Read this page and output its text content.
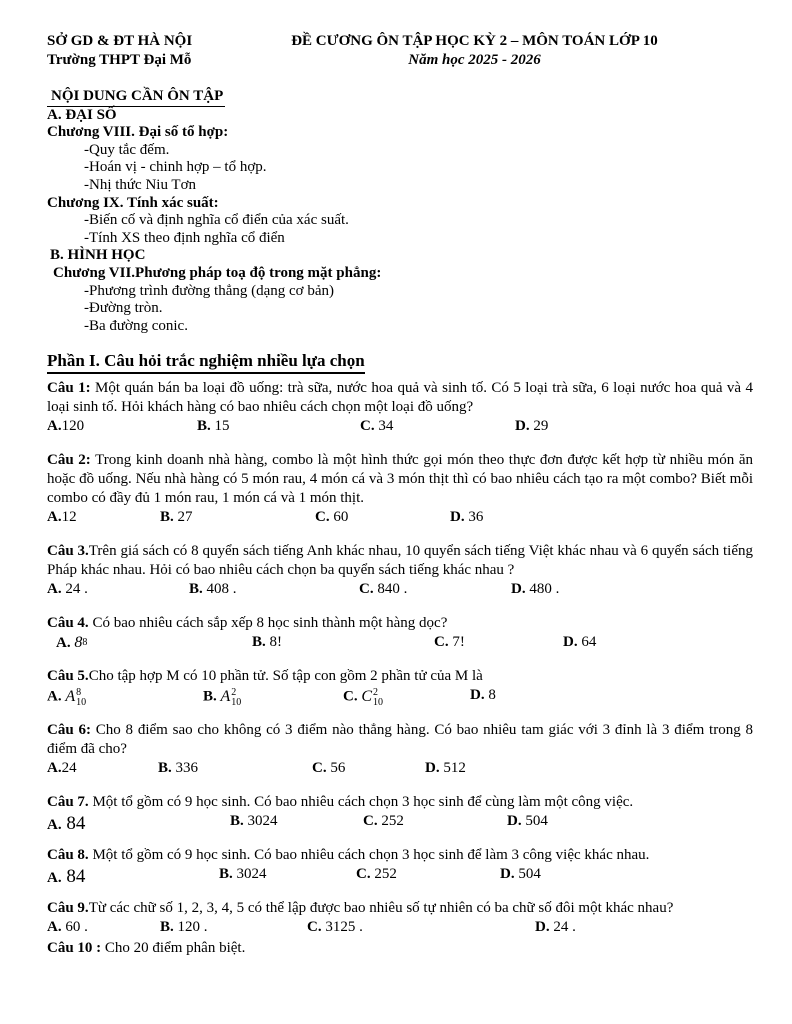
SỞ GD & ĐT HÀ NỘI
Trường THPT Đại Mỗ
ĐỀ CƯƠNG ÔN TẬP HỌC KỲ 2 – MÔN TOÁN LỚP 10
Năm học 2025 - 2026
NỘI DUNG CẦN ÔN TẬP
A. ĐẠI SỐ
Chương VIII. Đại số tổ hợp:
-Quy tắc đếm.
-Hoán vị - chinh hợp – tổ hợp.
-Nhị thức Niu Tơn
Chương IX. Tính xác suất:
-Biến cố và định nghĩa cổ điển của xác suất.
-Tính XS theo định nghĩa cổ điển
B. HÌNH HỌC
Chương VII.Phương pháp toạ độ trong mặt phẳng:
-Phương trình đường thẳng (dạng cơ bản)
-Đường tròn.
-Ba đường conic.
Phần I. Câu hỏi trắc nghiệm nhiều lựa chọn

Câu 1: Một quán bán ba loại đồ uống: trà sữa, nước hoa quả và sinh tố. Có 5 loại trà sữa, 6 loại nước hoa quả và 4 loại sinh tố. Hỏi khách hàng có bao nhiêu cách chọn một loại đồ uống?

A.120	B. 15	C. 34	D. 29

Câu 2: Trong kinh doanh nhà hàng, combo là một hình thức gọi món theo thực đơn được kết hợp từ nhiều món ăn hoặc đồ uống. Nếu nhà hàng có 5 món rau, 4 món cá và 3 món thịt thì có bao nhiêu cách tạo ra một combo? Biết mỗi combo có đầy đủ 1 món rau, 1 món cá và 1 món thịt.

A.12	B. 27	C. 60	D. 36

Câu 3.Trên giá sách có 8 quyển sách tiếng Anh khác nhau, 10 quyển sách tiếng Việt khác nhau và 6 quyển sách tiếng Pháp khác nhau. Hỏi có bao nhiêu cách chọn ba quyển sách tiếng khác nhau ?

A. 24 .	B. 408 .	C. 840 .	D. 480 .

Câu 4. Có bao nhiêu cách sắp xếp 8 học sinh thành một hàng dọc?

A. 8 8	B. 8!	C. 7!	D. 64

Câu 5.Cho tập hợp M có 10 phần tử. Số tập con gồm 2 phần tử của M là

A. A 8
10	B. A 2
10	C. C 2
10	D. 8

Câu 6: Cho 8 điểm sao cho không có 3 điểm nào thẳng hàng. Có bao nhiêu tam giác với 3 đỉnh là 3 điểm trong 8 điểm đã cho?

A.24	B. 336	C. 56	D. 512

Câu 7. Một tổ gồm có 9 học sinh. Có bao nhiêu cách chọn 3 học sinh để cùng làm một công việc.

A. 84	B. 3024	C. 252	D. 504

Câu 8. Một tổ gồm có 9 học sinh. Có bao nhiêu cách chọn 3 học sinh để làm 3 công việc khác nhau.

A. 84	B. 3024	C. 252	D. 504

Câu 9.Từ các chữ số 1, 2, 3, 4, 5 có thể lập được bao nhiêu số tự nhiên có ba chữ số đôi một khác nhau?

A. 60 .	B. 120 .	C. 3125 .	D. 24 .

Câu 10 : Cho 20 điểm phân biệt.
